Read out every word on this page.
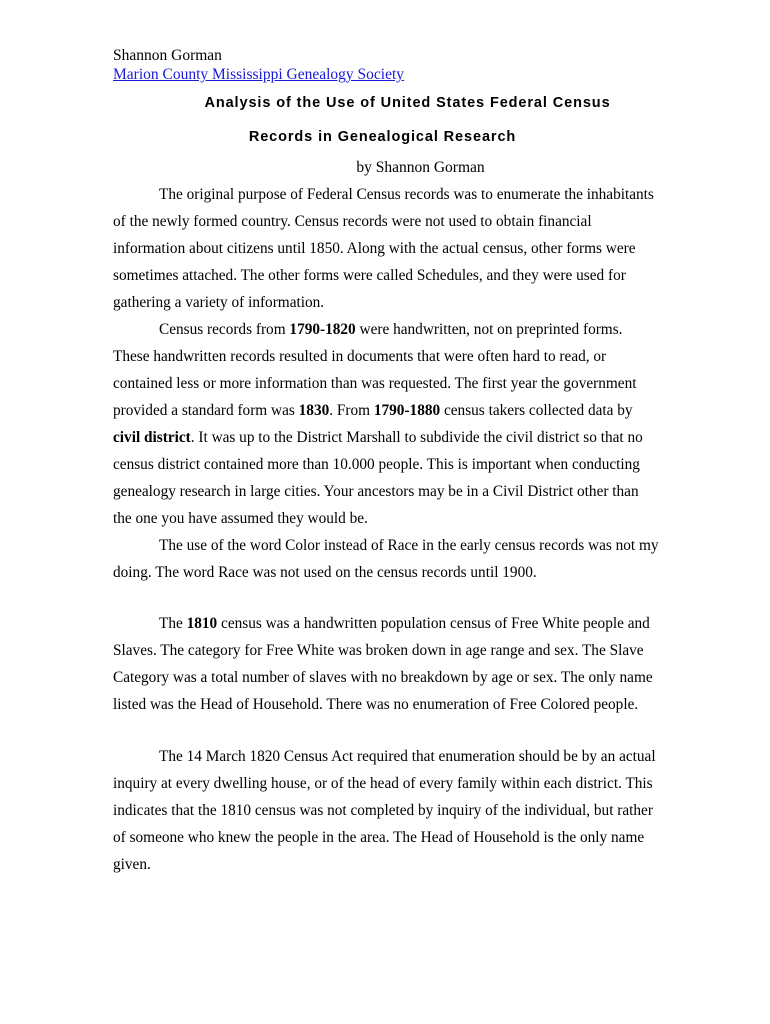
Shannon Gorman
Marion County Mississippi Genealogy Society
Analysis of the Use of United States Federal Census
Records in Genealogical Research
by Shannon Gorman

The original purpose of Federal Census records was to enumerate the inhabitants of the newly formed country. Census records were not used to obtain financial information about citizens until 1850. Along with the actual census, other forms were sometimes attached. The other forms were called Schedules, and they were used for gathering a variety of information.

Census records from 1790-1820 were handwritten, not on preprinted forms. These handwritten records resulted in documents that were often hard to read, or contained less or more information than was requested. The first year the government provided a standard form was 1830. From 1790-1880 census takers collected data by civil district. It was up to the District Marshall to subdivide the civil district so that no census district contained more than 10.000 people. This is important when conducting genealogy research in large cities. Your ancestors may be in a Civil District other than the one you have assumed they would be.

The use of the word Color instead of Race in the early census records was not my doing. The word Race was not used on the census records until 1900.

The 1810 census was a handwritten population census of Free White people and Slaves. The category for Free White was broken down in age range and sex. The Slave Category was a total number of slaves with no breakdown by age or sex. The only name listed was the Head of Household. There was no enumeration of Free Colored people.

The 14 March 1820 Census Act required that enumeration should be by an actual inquiry at every dwelling house, or of the head of every family within each district. This indicates that the 1810 census was not completed by inquiry of the individual, but rather of someone who knew the people in the area. The Head of Household is the only name given.
